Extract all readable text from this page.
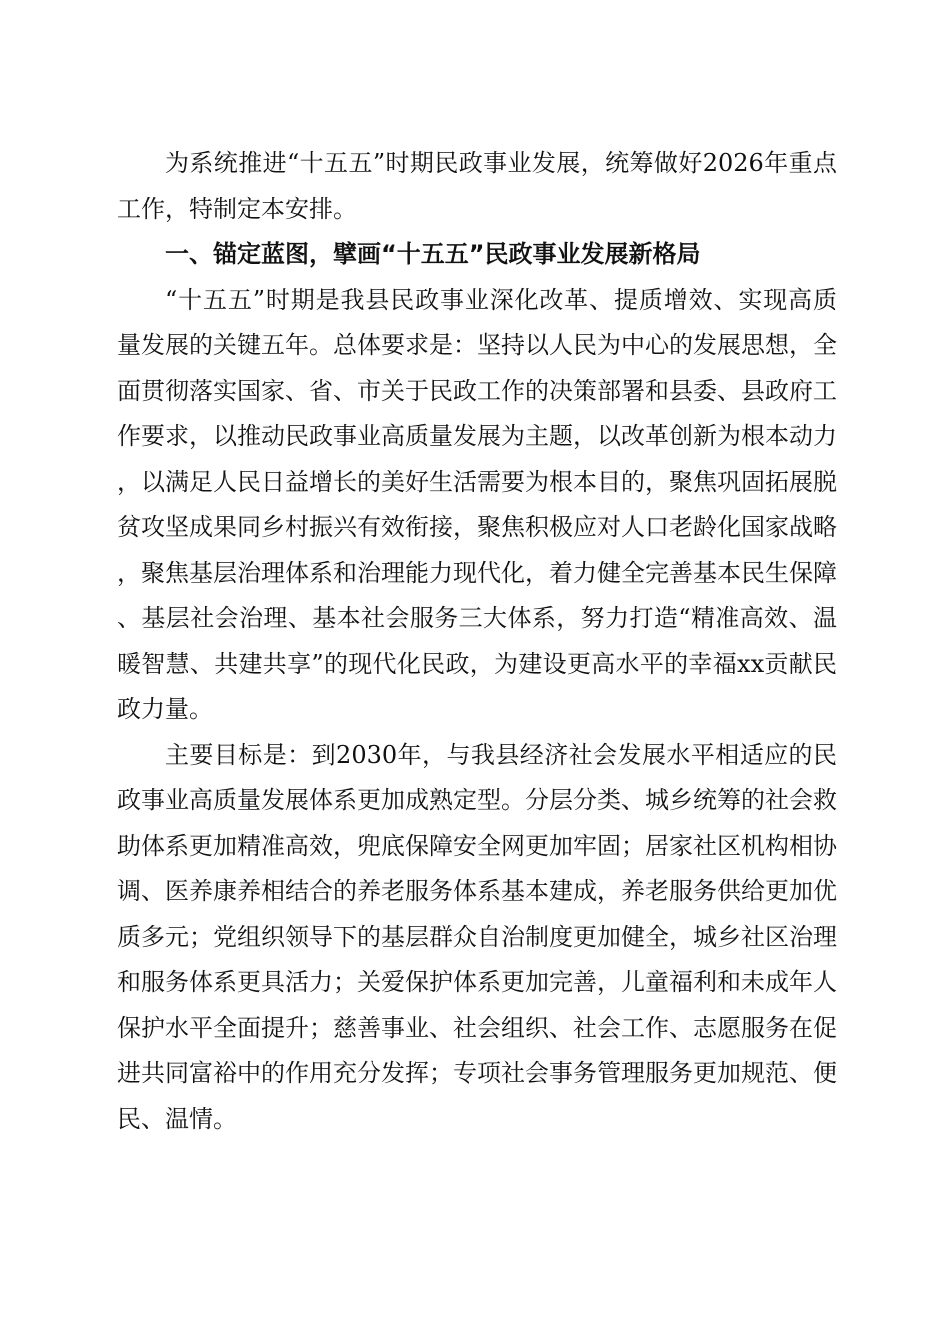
为系统推进“十五五”时期民政事业发展，统筹做好2026年重点工作，特制定本安排。

一、锚定蓝图，擘画“十五五”民政事业发展新格局

“十五五”时期是我县民政事业深化改革、提质增效、实现高质量发展的关键五年。总体要求是：坚持以人民为中心的发展思想，全面贯彻落实国家、省、市关于民政工作的决策部署和县委、县政府工作要求，以推动民政事业高质量发展为主题，以改革创新为根本动力，以满足人民日益增长的美好生活需要为根本目的，聚焦巩固拓展脱贫攻坚成果同乡村振兴有效衔接，聚焦积极应对人口老龄化国家战略，聚焦基层治理体系和治理能力现代化，着力健全完善基本民生保障、基层社会治理、基本社会服务三大体系，努力打造“精准高效、温暖智慧、共建共享”的现代化民政，为建设更高水平的幸福xx贡献民政力量。

主要目标是：到2030年，与我县经济社会发展水平相适应的民政事业高质量发展体系更加成熟定型。分层分类、城乡统筹的社会救助体系更加精准高效，兜底保障安全网更加牢固；居家社区机构相协调、医养康养相结合的养老服务体系基本建成，养老服务供给更加优质多元；党组织领导下的基层群众自治制度更加健全，城乡社区治理和服务体系更具活力；关爱保护体系更加完善，儿童福利和未成年人保护水平全面提升；慈善事业、社会组织、社会工作、志愿服务在促进共同富裕中的作用充分发挥；专项社会事务管理服务更加规范、便民、温情。
